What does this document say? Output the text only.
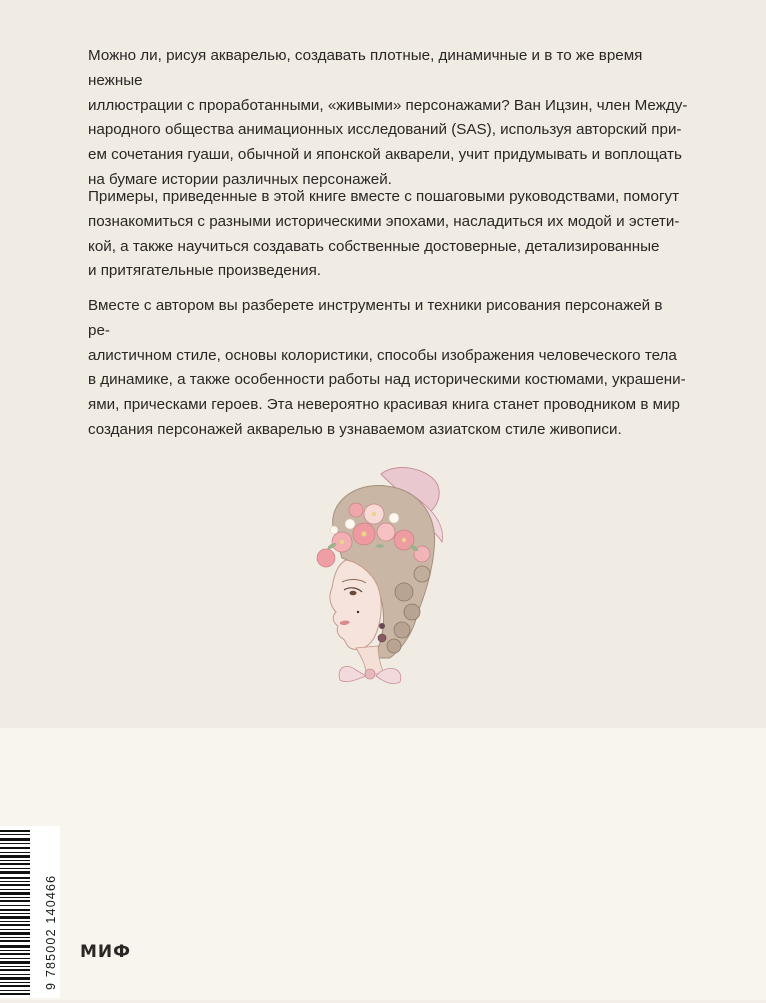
Можно ли, рисуя акварелью, создавать плотные, динамичные и в то же время нежные

иллюстрации с проработанными, «живыми» персонажами? Ван Ицзин, член Между-

народного общества анимационных исследований (SAS), используя авторский при-

ем сочетания гуаши, обычной и японской акварели, учит придумывать и воплощать

на бумаге истории различных персонажей.

Примеры, приведенные в этой книге вместе с пошаговыми руководствами, помогут

познакомиться с разными историческими эпохами, насладиться их модой и эстети-

кой, а также научиться создавать собственные достоверные, детализированные

и притягательные произведения.

Вместе с автором вы разберете инструменты и техники рисования персонажей в ре-

алистичном стиле, основы колористики, способы изображения человеческого тела

в динамике, а также особенности работы над историческими костюмами, украшени-

ями, прическами героев. Эта невероятно красивая книга станет проводником в мир

создания персонажей акварелью в узнаваемом азиатском стиле живописи.

9 785002 140466 МИФ
